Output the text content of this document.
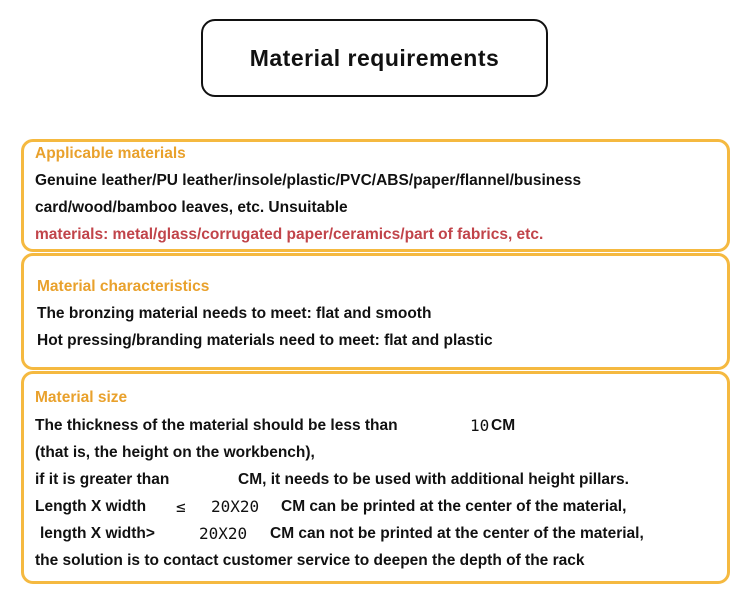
Material requirements
Applicable materials
Genuine leather/PU leather/insole/plastic/PVC/ABS/paper/flannel/business
card/wood/bamboo leaves, etc. Unsuitable
materials: metal/glass/corrugated paper/ceramics/part of fabrics, etc.
Material characteristics
The bronzing material needs to meet: flat and smooth
Hot pressing/branding materials need to meet: flat and plastic
Material size
The thickness of the material should be less than	10 CM
(that is, the height on the workbench),
if it is greater than	CM, it needs to be used with additional height pillars.
Length X width ≤ 20X20 CM can be printed at the center of the material,
length X width>	20X20 CM can not be printed at the center of the material,
the solution is to contact customer service to deepen the depth of the rack
